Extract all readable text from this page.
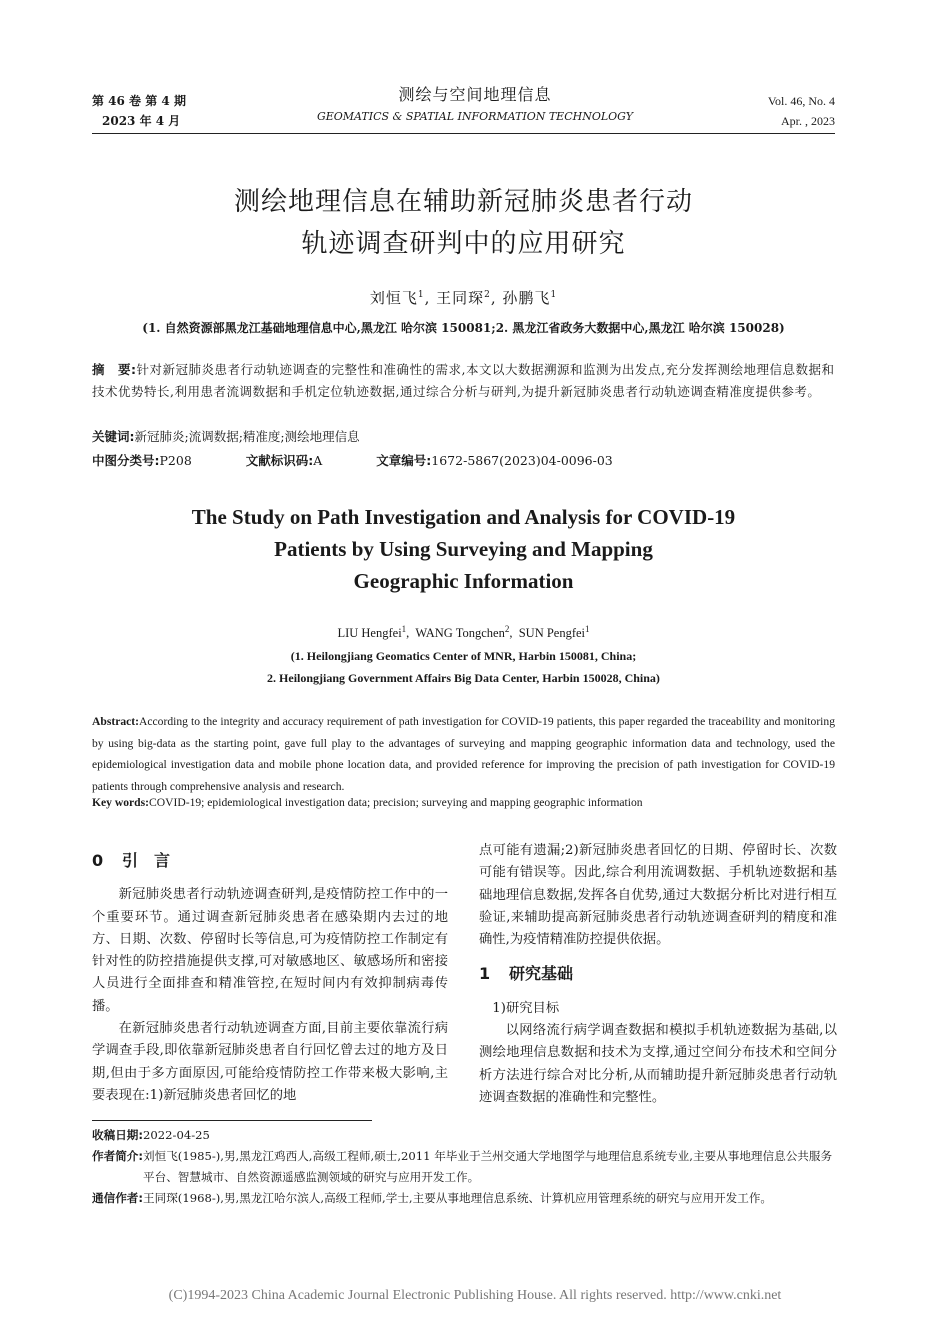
第 46 卷 第 4 期
2023 年 4 月
测绘与空间地理信息
GEOMATICS & SPATIAL INFORMATION TECHNOLOGY
Vol. 46, No. 4
Apr. , 2023
测绘地理信息在辅助新冠肺炎患者行动
轨迹调查研判中的应用研究
刘恒飞$^1$, 王同琛$^2$, 孙鹏飞$^1$
(1. 自然资源部黑龙江基础地理信息中心,黑龙江 哈尔滨 150081;2. 黑龙江省政务大数据中心,黑龙江 哈尔滨 150028)
摘　要:针对新冠肺炎患者行动轨迹调查的完整性和准确性的需求,本文以大数据溯源和监测为出发点,充分发挥测绘地理信息数据和技术优势特长,利用患者流调数据和手机定位轨迹数据,通过综合分析与研判,为提升新冠肺炎患者行动轨迹调查精准度提供参考。
关键词:新冠肺炎;流调数据;精准度;测绘地理信息
中图分类号:P208	文献标识码:A	文章编号:1672-5867(2023)04-0096-03
The Study on Path Investigation and Analysis for COVID-19
Patients by Using Surveying and Mapping
Geographic Information
LIU Hengfei$^1$,  WANG Tongchen$^2$,  SUN Pengfei$^1$
(1. Heilongjiang Geomatics Center of MNR, Harbin 150081, China;
2. Heilongjiang Government Affairs Big Data Center, Harbin 150028, China)
Abstract:According to the integrity and accuracy requirement of path investigation for COVID-19 patients, this paper regarded the traceability and monitoring by using big-data as the starting point, gave full play to the advantages of surveying and mapping geographic information data and technology, used the epidemiological investigation data and mobile phone location data, and provided reference for improving the precision of path investigation for COVID-19 patients through comprehensive analysis and research.
Key words:COVID-19; epidemiological investigation data; precision; surveying and mapping geographic information
0 引　言

新冠肺炎患者行动轨迹调查研判,是疫情防控工作中的一个重要环节。通过调查新冠肺炎患者在感染期内去过的地方、日期、次数、停留时长等信息,可为疫情防控工作制定有针对性的防控措施提供支撑,可对敏感地区、敏感场所和密接人员进行全面排查和精准管控,在短时间内有效抑制病毒传播。

在新冠肺炎患者行动轨迹调查方面,目前主要依靠流行病学调查手段,即依靠新冠肺炎患者自行回忆曾去过的地方及日期,但由于多方面原因,可能给疫情防控工作带来极大影响,主要表现在:1)新冠肺炎患者回忆的地

点可能有遗漏;2)新冠肺炎患者回忆的日期、停留时长、次数可能有错误等。因此,综合利用流调数据、手机轨迹数据和基础地理信息数据,发挥各自优势,通过大数据分析比对进行相互验证,来辅助提高新冠肺炎患者行动轨迹调查研判的精度和准确性,为疫情精准防控提供依据。

1 研究基础

1)研究目标

以网络流行病学调查数据和模拟手机轨迹数据为基础,以测绘地理信息数据和技术为支撑,通过空间分布技术和空间分析方法进行综合对比分析,从而辅助提升新冠肺炎患者行动轨迹调查数据的准确性和完整性。

收稿日期: 2022-04-25
作者简介: 刘恒飞(1985-),男,黑龙江鸡西人,高级工程师,硕士,2011 年毕业于兰州交通大学地图学与地理信息系统专业,主要从事地理信息公共服务平台、智慧城市、自然资源遥感监测领域的研究与应用开发工作。
通信作者: 王同琛(1968-),男,黑龙江哈尔滨人,高级工程师,学士,主要从事地理信息系统、计算机应用管理系统的研究与应用开发工作。
(C)1994-2023 China Academic Journal Electronic Publishing House. All rights reserved. http://www.cnki.net
